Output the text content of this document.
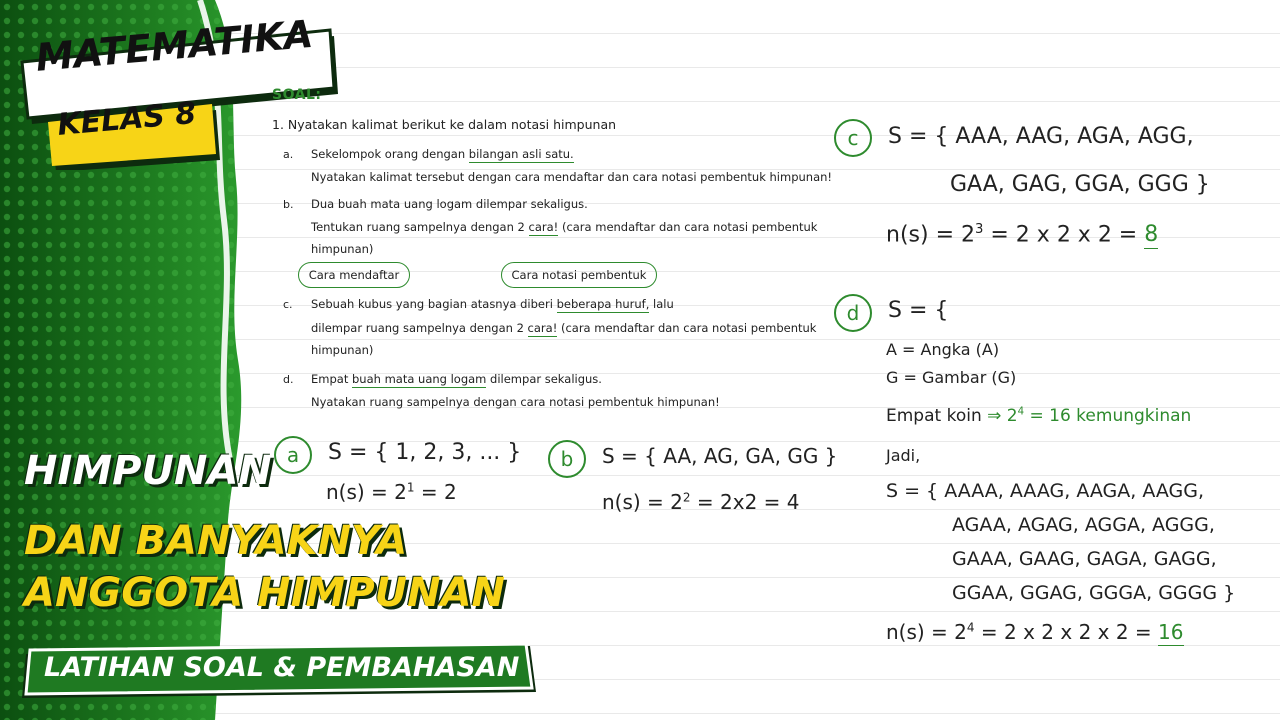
MATEMATIKA
KELAS 8
HIMPUNAN
DAN BANYAKNYA
ANGGOTA HIMPUNAN
LATIHAN SOAL & PEMBAHASAN
SOAL:
1. Nyatakan kalimat berikut ke dalam notasi himpunan
a. Sekelompok orang dengan bilangan asli satu.
Nyatakan kalimat tersebut dengan cara mendaftar dan cara notasi pembentuk himpunan!
b. Dua buah mata uang logam dilempar sekaligus.
Tentukan ruang sampelnya dengan 2 cara! (cara mendaftar dan cara notasi pembentuk
himpunan)
Cara mendaftar	Cara notasi pembentuk
c. Sebuah kubus yang bagian atasnya diberi beberapa huruf, lalu
dilempar ruang sampelnya dengan 2 cara! (cara mendaftar dan cara notasi pembentuk
himpunan)
d. Empat buah mata uang logam dilempar sekaligus.
Nyatakan ruang sampelnya dengan cara notasi pembentuk himpunan!
a	S = { 1, 2, 3, ... }
$n(s) = 2^1 = 2$
b	S = { AA, AG, GA, GG }
$n(s) = 2^2 = 2x2 = 4$
c	S = { AAA, AAG, AGA, AGG,
GAA, GAG, GGA, GGG }
$n(s) = 2^3 = 2$ x 2 x 2 = 8
d	S = {
A = Angka (A)
G = Gambar (G)
Empat koin ⇒ $2^4 = 16$ kemungkinan
Jadi,
S = { AAAA, AAAG, AAGA, AAGG,
AGAA, AGAG, AGGA, AGGG,
GAAA, GAAG, GAGA, GAGG,
GGAA, GGAG, GGGA, GGGG }
$n(s) = 2^4 = 2$ x 2 x 2 x 2 = 16
